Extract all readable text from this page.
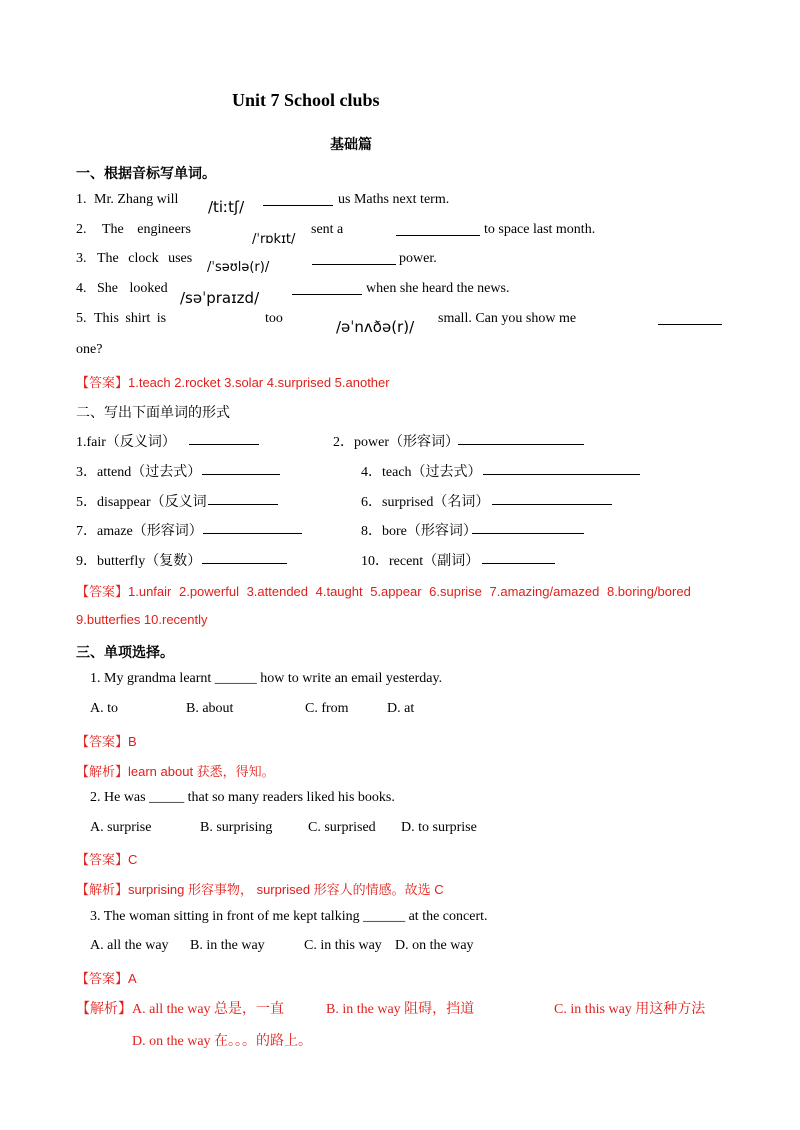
Unit 7 School clubs
基础篇
一、根据音标写单词。
1. Mr. Zhang will /tiːtʃ/	us Maths next term.
2. The engineers
/ˈrɒkɪt/
sent a	to space last month.
3. The clock uses
/ˈsəʊlə(r)/
power.
4. She looked
/səˈpraɪzd/
when she heard the news.
5. This shirt is	too	/əˈnʌðə(r)/ small. Can you show me
one?
【答案】1.teach 2.rocket 3.solar 4.surprised 5.another
二、写出下面单词的形式
1.fair（反义词）	2．power（形容词）
3．attend（过去式）	4．teach（过去式）
5．disappear（反义词	6．surprised（名词）
7．amaze（形容词）	8．bore（形容词）
9．butterfly（复数）	10．recent（副词）
【答案】1.unfair 2.powerful 3.attended 4.taught 5.appear 6.suprise 7.amazing/amazed 8.boring/bored
9.butterfies 10.recently
三、单项选择。
1. My grandma learnt ______ how to write an email yesterday.
A. to	B. about	C. from	D. at
【答案】B
【解析】learn about 获悉，得知。
2. He was _____ that so many readers liked his books.
A. surprise	B. surprising	C. surprised D. to surprise
【答案】C
【解析】surprising 形容事物， surprised 形容人的情感。故选 C
3. The woman sitting in front of me kept talking ______ at the concert.
A. all the way B. in the way	C. in this way D. on the way
【答案】A
【解析】A. all the way 总是，一直	B. in the way 阻碍，挡道	C. in this way 用这种方法
D. on the way 在。。。的路上。
